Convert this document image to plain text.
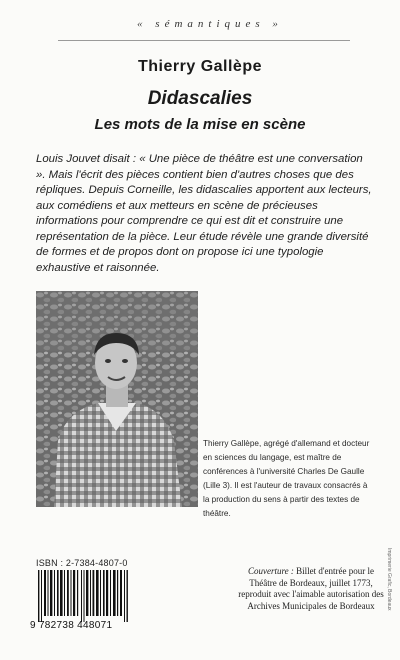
« sémantiques »
Thierry Gallèpe
Didascalies
Les mots de la mise en scène
Louis Jouvet disait : « Une pièce de théâtre est une conversation ». Mais l'écrit des pièces contient bien d'autres choses que des répliques. Depuis Corneille, les didascalies apportent aux lecteurs, aux comédiens et aux metteurs en scène de précieuses informations pour comprendre ce qui est dit et construire une représentation de la pièce. Leur étude révèle une grande diversité de formes et de propos dont on propose ici une typologie exhaustive et raisonnée.
Thierry Gallèpe, agrégé d'allemand et docteur en sciences du langage, est maître de conférences à l'université Charles De Gaulle (Lille 3). Il est l'auteur de travaux consacrés à la production du sens à partir des textes de théâtre.
ISBN : 2-7384-4807-0
9 782738 448071
Couverture : Billet d'entrée pour le Théâtre de Bordeaux, juillet 1773, reproduit avec l'aimable autorisation des Archives Municipales de Bordeaux	Imprimerie Grafic, Bordeaux
